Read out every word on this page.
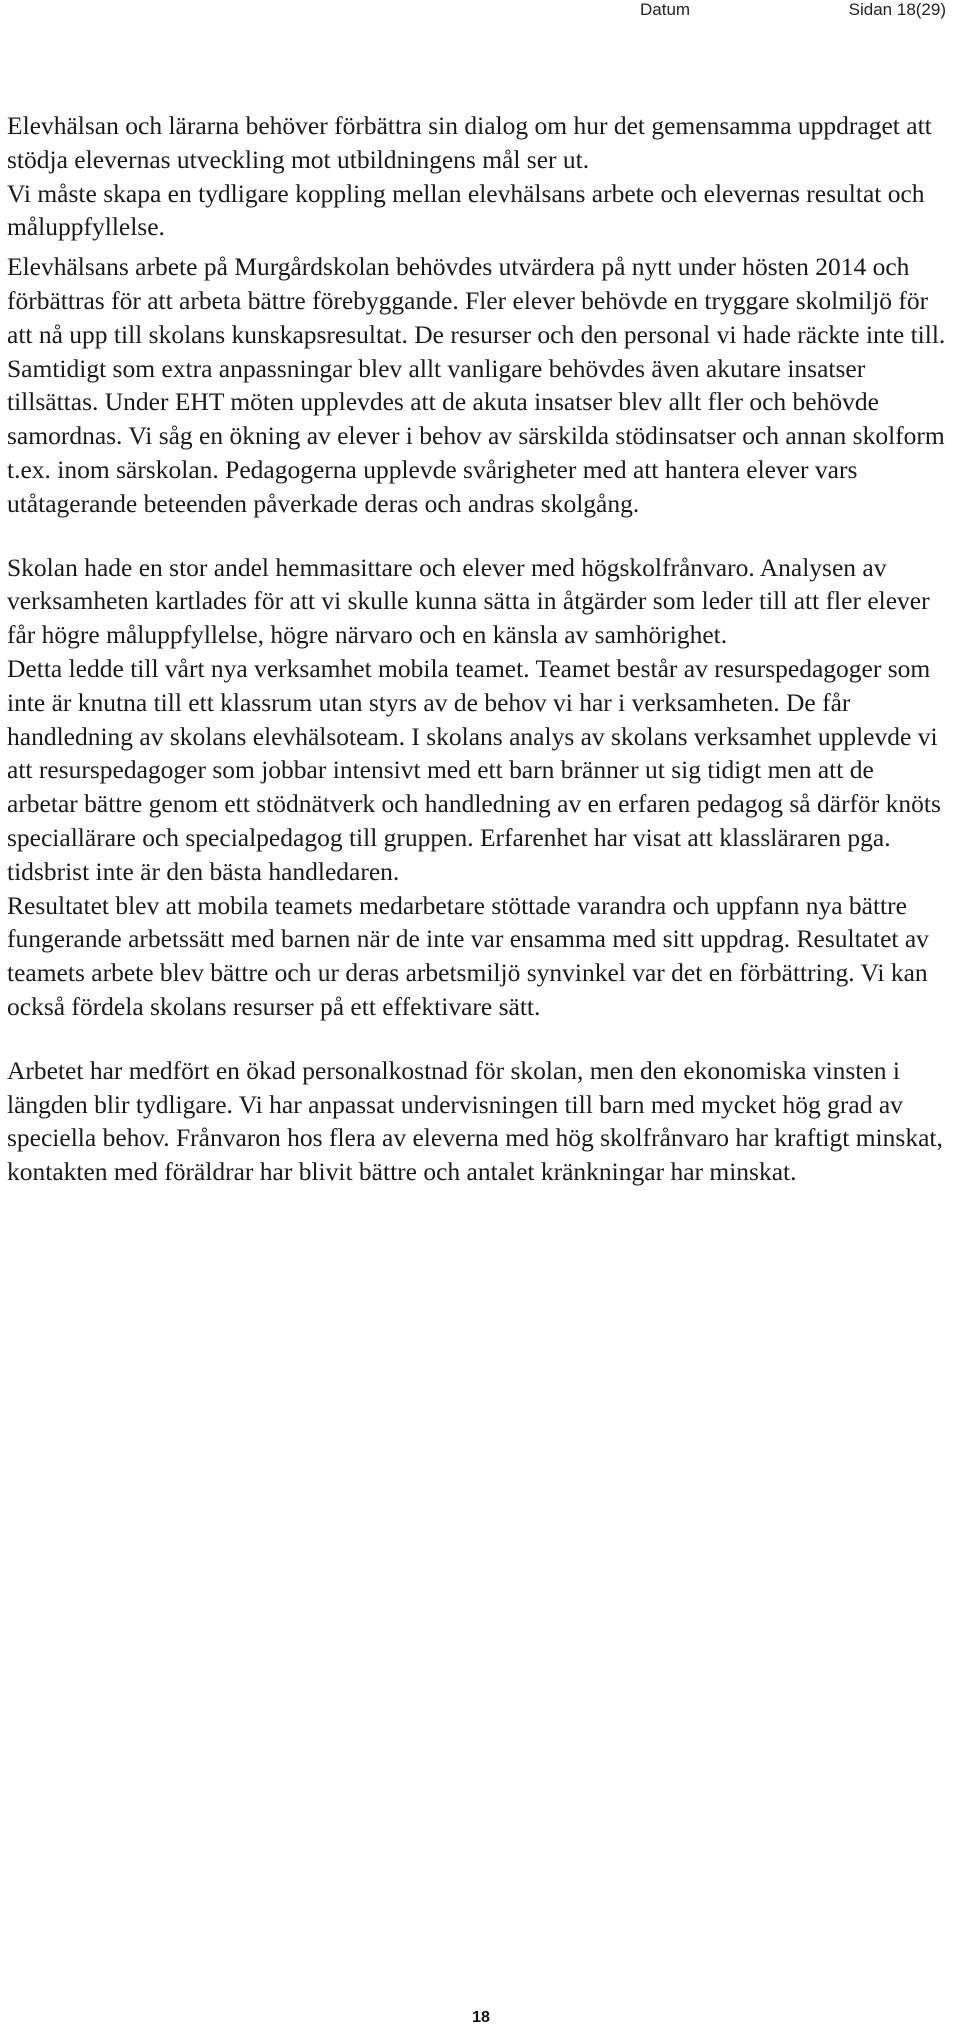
Datum	Sidan 18(29)

Elevhälsan och lärarna behöver förbättra sin dialog om hur det gemensamma uppdraget att stödja elevernas utveckling mot utbildningens mål ser ut.

Vi måste skapa en tydligare koppling mellan elevhälsans arbete och elevernas resultat och måluppfyllelse.

Elevhälsans arbete på Murgårdskolan behövdes utvärdera på nytt under hösten 2014 och förbättras för att arbeta bättre förebyggande. Fler elever behövde en tryggare skolmiljö för att nå upp till skolans kunskapsresultat. De resurser och den personal vi hade räckte inte till.

Samtidigt som extra anpassningar blev allt vanligare behövdes även akutare insatser tillsättas. Under EHT möten upplevdes att de akuta insatser blev allt fler och behövde samordnas. Vi såg en ökning av elever i behov av särskilda stödinsatser och annan skolform t.ex. inom särskolan. Pedagogerna upplevde svårigheter med att hantera elever vars utåtagerande beteenden påverkade deras och andras skolgång.

Skolan hade en stor andel hemmasittare och elever med högskolfrånvaro. Analysen av verksamheten kartlades för att vi skulle kunna sätta in åtgärder som leder till att fler elever får högre måluppfyllelse, högre närvaro och en känsla av samhörighet.

Detta ledde till vårt nya verksamhet mobila teamet. Teamet består av resurspedagoger som inte är knutna till ett klassrum utan styrs av de behov vi har i verksamheten. De får handledning av skolans elevhälsoteam. I skolans analys av skolans verksamhet upplevde vi att resurspedagoger som jobbar intensivt med ett barn bränner ut sig tidigt men att de arbetar bättre genom ett stödnätverk och handledning av en erfaren pedagog så därför knöts speciallärare och specialpedagog till gruppen. Erfarenhet har visat att klassläraren pga. tidsbrist inte är den bästa handledaren.

Resultatet blev att mobila teamets medarbetare stöttade varandra och uppfann nya bättre fungerande arbetssätt med barnen när de inte var ensamma med sitt uppdrag. Resultatet av teamets arbete blev bättre och ur deras arbetsmiljö synvinkel var det en förbättring. Vi kan också fördela skolans resurser på ett effektivare sätt.

Arbetet har medfört en ökad personalkostnad för skolan, men den ekonomiska vinsten i längden blir tydligare. Vi har anpassat undervisningen till barn med mycket hög grad av speciella behov. Frånvaron hos flera av eleverna med hög skolfrånvaro har kraftigt minskat, kontakten med föräldrar har blivit bättre och antalet kränkningar har minskat.

18
